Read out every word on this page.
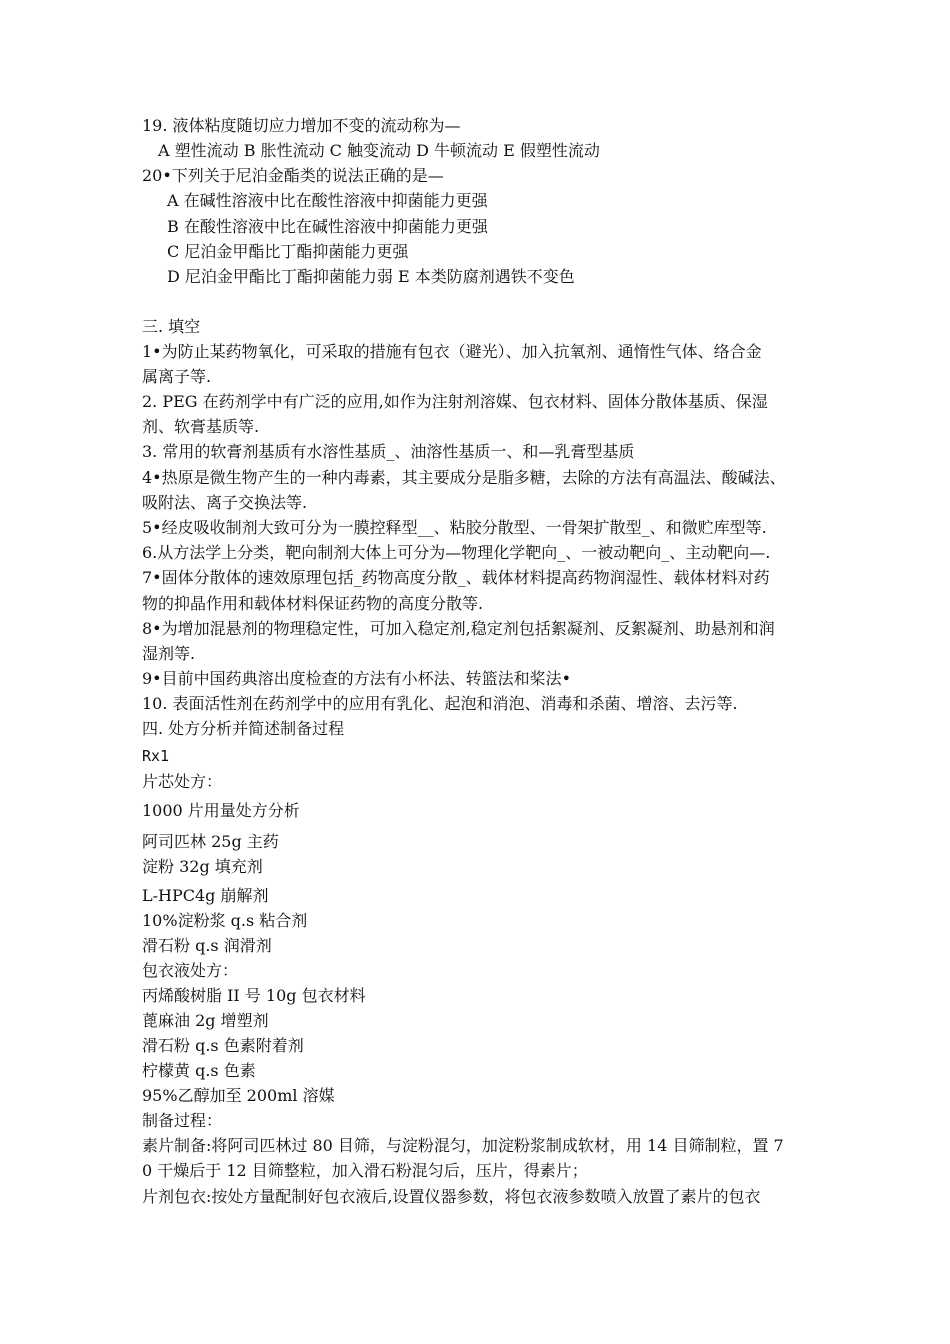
19. 液体粘度随切应力增加不变的流动称为—
A 塑性流动 B 胀性流动 C 触变流动 D 牛顿流动 E 假塑性流动
20•下列关于尼泊金酯类的说法正确的是—
A 在碱性溶液中比在酸性溶液中抑菌能力更强
B 在酸性溶液中比在碱性溶液中抑菌能力更强
C 尼泊金甲酯比丁酯抑菌能力更强
D 尼泊金甲酯比丁酯抑菌能力弱 E 本类防腐剂遇铁不变色
三. 填空
1•为防止某药物氧化，可采取的措施有包衣（避光）、加入抗氧剂、通惰性气体、络合金
属离子等.
2. PEG 在药剂学中有广泛的应用,如作为注射剂溶媒、包衣材料、固体分散体基质、保湿
剂、软膏基质等.
3. 常用的软膏剂基质有水溶性基质_、油溶性基质一、和—乳膏型基质
4•热原是微生物产生的一种内毒素，其主要成分是脂多糖，去除的方法有高温法、酸碱法、
吸附法、离子交换法等.
5•经皮吸收制剂大致可分为一膜控释型__、粘胶分散型、一骨架扩散型_、和微贮库型等.
6.从方法学上分类，靶向制剂大体上可分为—物理化学靶向_、一被动靶向_、主动靶向—.
7•固体分散体的速效原理包括_药物高度分散_、载体材料提高药物润湿性、载体材料对药
物的抑晶作用和载体材料保证药物的高度分散等.
8•为增加混悬剂的物理稳定性，可加入稳定剂,稳定剂包括絮凝剂、反絮凝剂、助悬剂和润
湿剂等.
9•目前中国药典溶出度检查的方法有小杯法、转篮法和桨法•
10. 表面活性剂在药剂学中的应用有乳化、起泡和消泡、消毒和杀菌、增溶、去污等.
四. 处方分析并简述制备过程
Rx1
片芯处方：
1000 片用量处方分析
阿司匹林 25g 主药
淀粉 32g 填充剂
L-HPC4g 崩解剂
10%淀粉浆 q.s 粘合剂
滑石粉 q.s 润滑剂
包衣液处方：
丙烯酸树脂 II 号 10g 包衣材料
蓖麻油 2g 增塑剂
滑石粉 q.s 色素附着剂
柠檬黄 q.s 色素
95%乙醇加至 200ml 溶媒
制备过程：
素片制备:将阿司匹林过 80 目筛，与淀粉混匀，加淀粉浆制成软材，用 14 目筛制粒，置 7
0 干燥后于 12 目筛整粒，加入滑石粉混匀后，压片，得素片；
片剂包衣:按处方量配制好包衣液后,设置仪器参数，将包衣液参数喷入放置了素片的包衣
